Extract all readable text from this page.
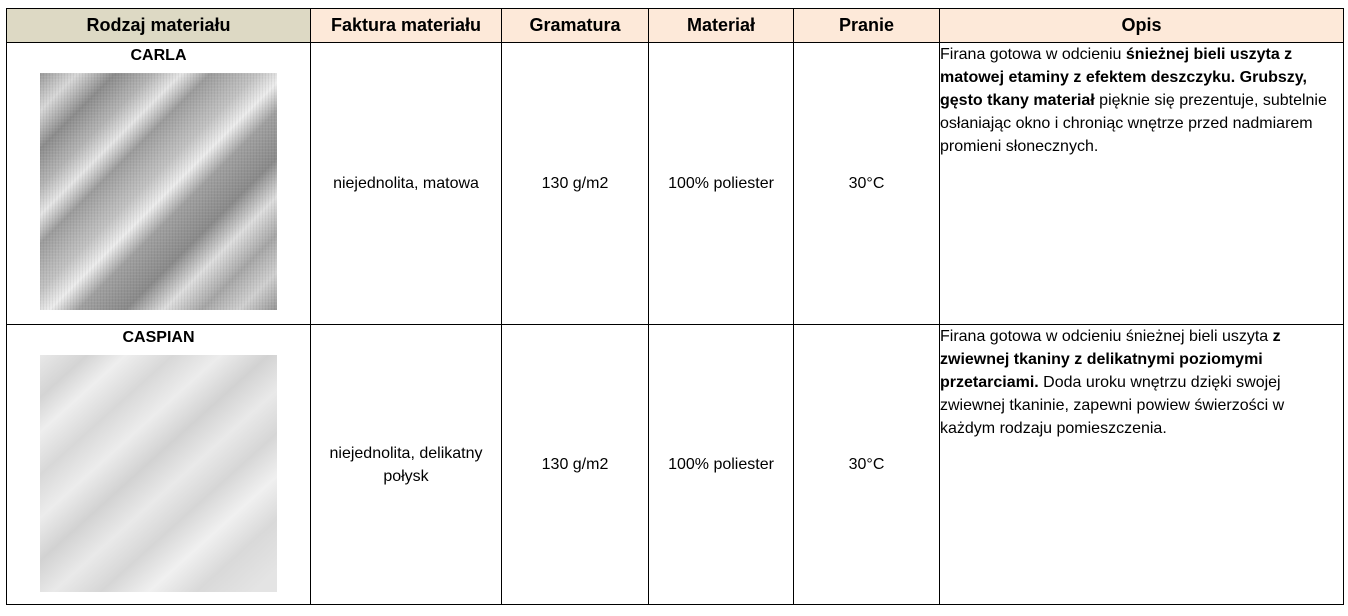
Rodzaj materiału	Faktura materiału	Gramatura	Materiał	Pranie	Opis

CARLA	niejednolita, matowa	130 g/m2	100% poliester	30°C	Firana gotowa w odcieniu śnieżnej bieli uszyta z matowej etaminy z efektem deszczyku. Grubszy, gęsto tkany materiał pięknie się prezentuje, subtelnie osłaniając okno i chroniąc wnętrze przed nadmiarem promieni słonecznych.

CASPIAN	niejednolita, delikatny połysk	130 g/m2	100% poliester	30°C	Firana gotowa w odcieniu śnieżnej bieli uszyta z zwiewnej tkaniny z delikatnymi poziomymi przetarciami. Doda uroku wnętrzu dzięki swojej zwiewnej tkaninie, zapewni powiew świerzości w każdym rodzaju pomieszczenia.
